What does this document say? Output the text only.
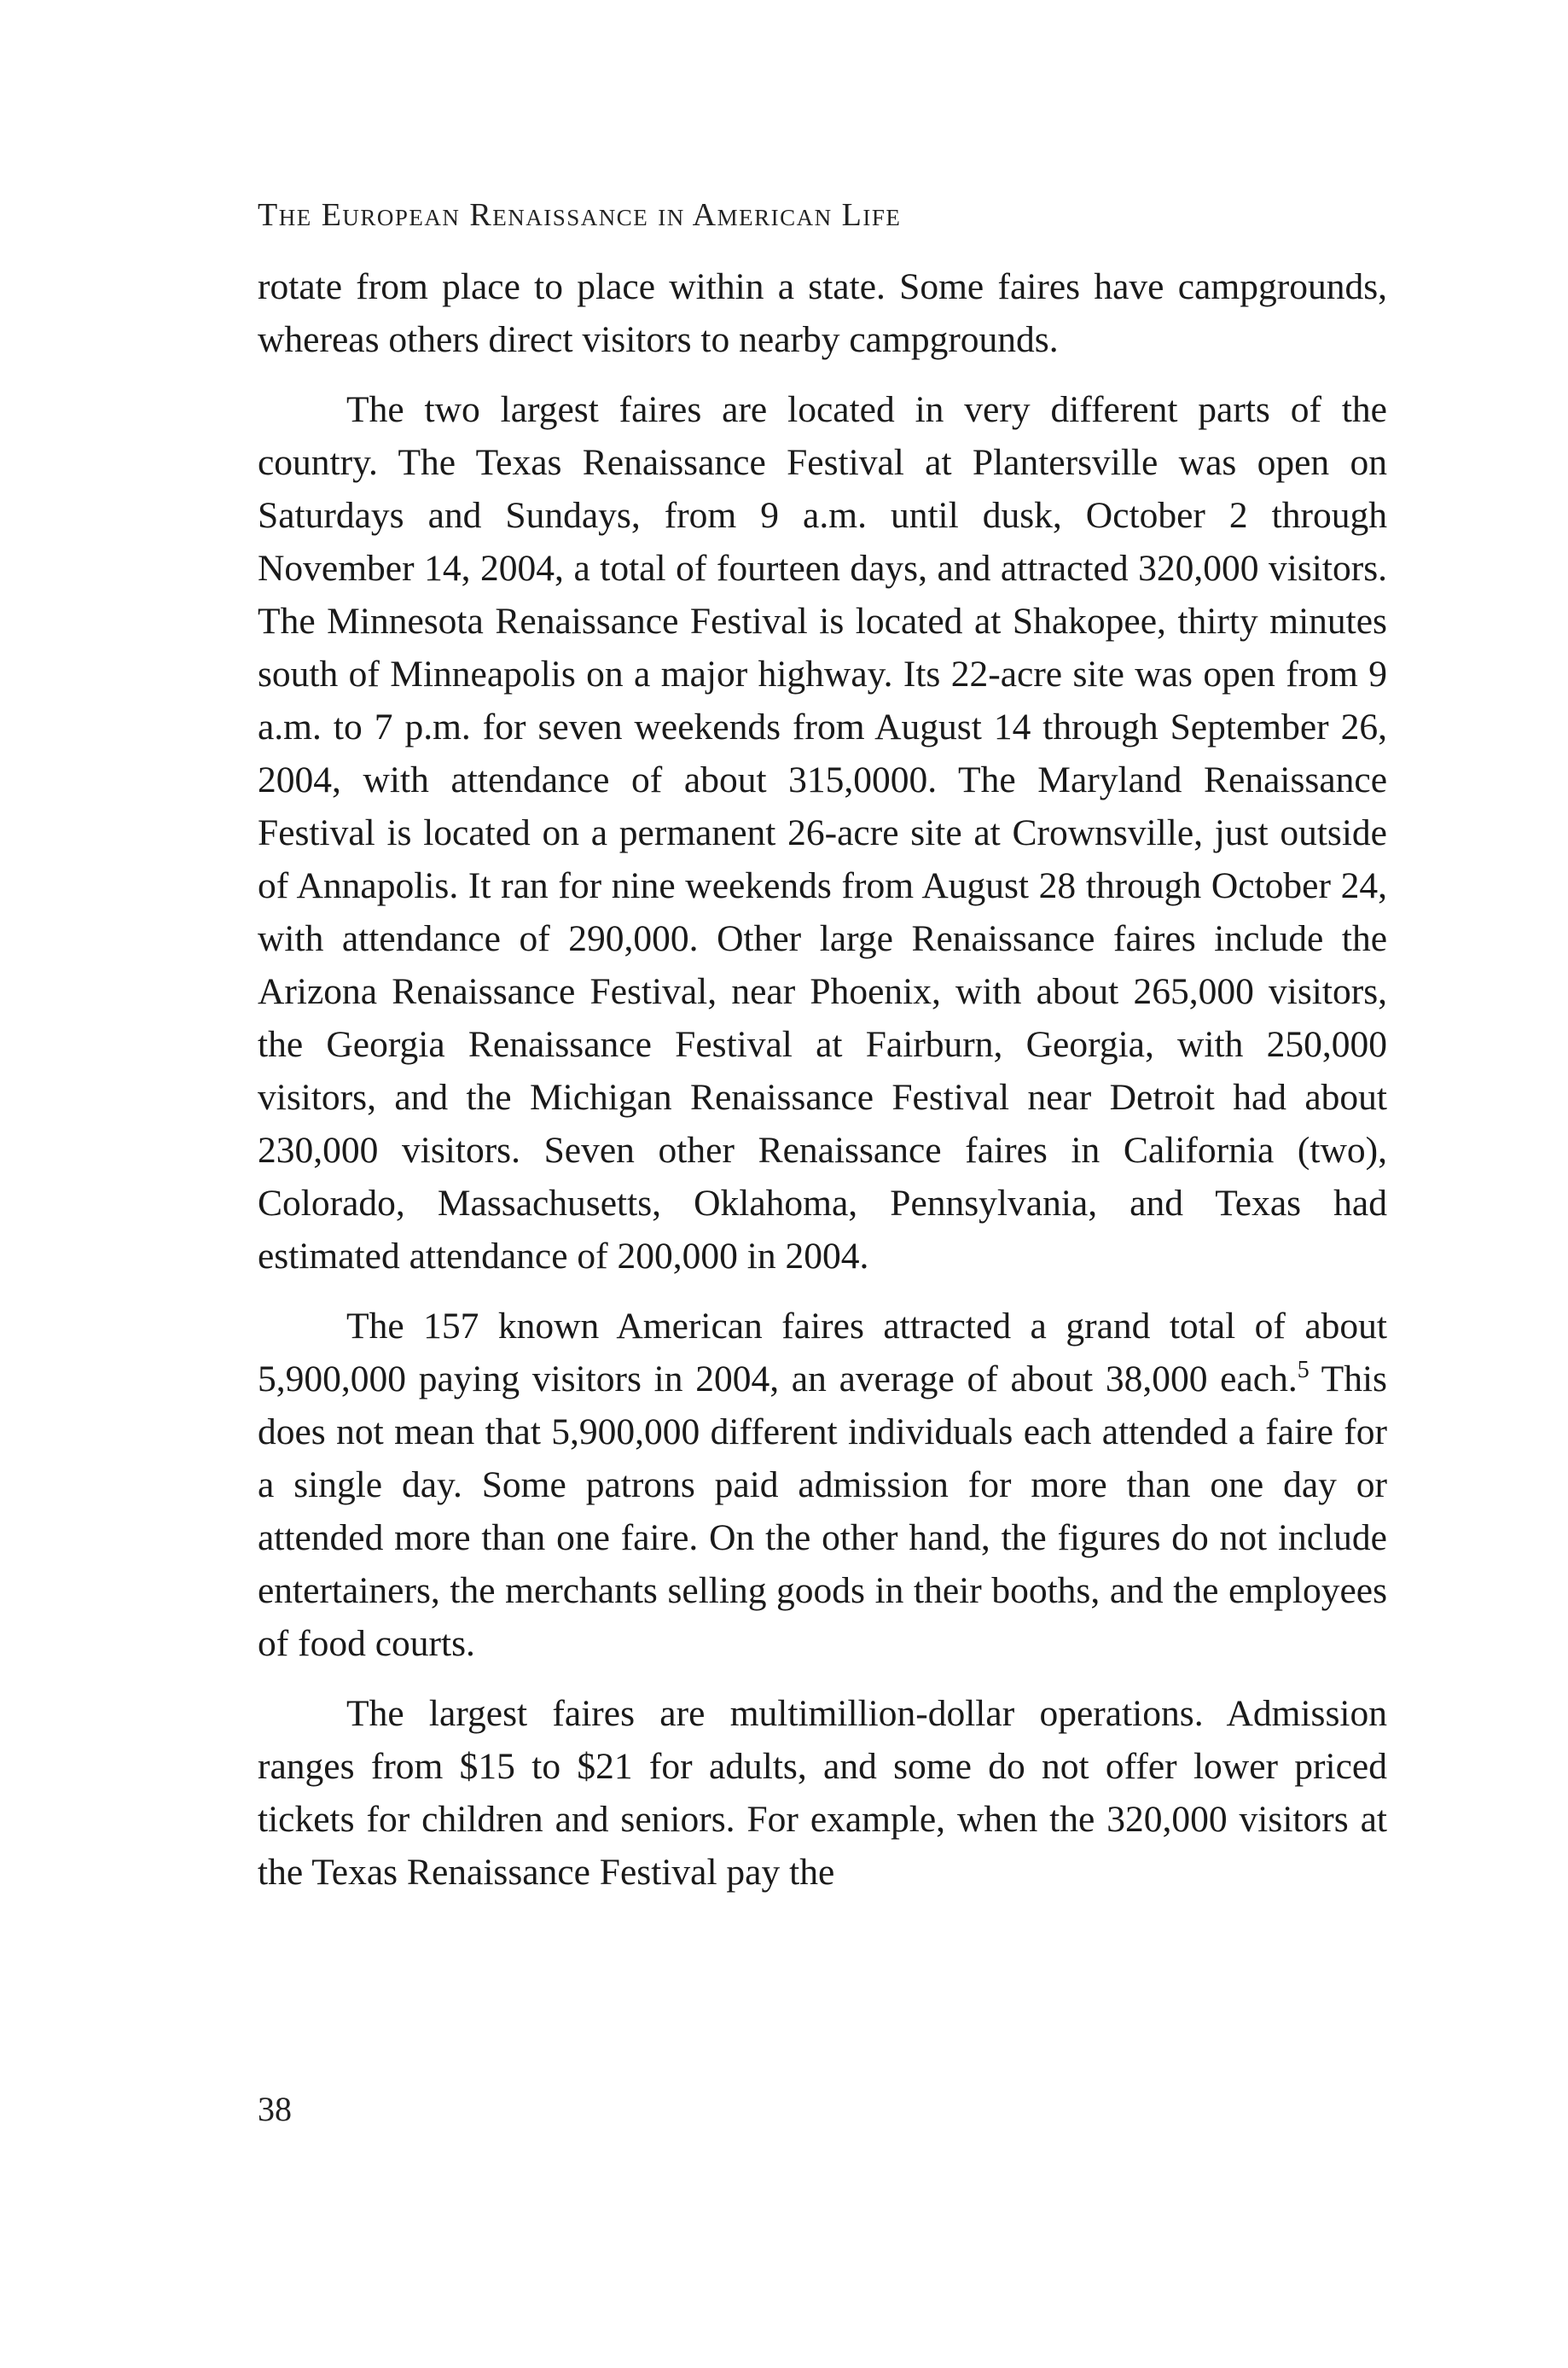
The European Renaissance in American Life

rotate from place to place within a state. Some faires have campgrounds, whereas others direct visitors to nearby campgrounds.

The two largest faires are located in very different parts of the country. The Texas Renaissance Festival at Plantersville was open on Saturdays and Sundays, from 9 a.m. until dusk, October 2 through November 14, 2004, a total of fourteen days, and attracted 320,000 visitors. The Minnesota Renaissance Festival is located at Shakopee, thirty minutes south of Minneapolis on a major highway. Its 22-acre site was open from 9 a.m. to 7 p.m. for seven weekends from August 14 through September 26, 2004, with attendance of about 315,0000. The Maryland Renaissance Festival is located on a permanent 26-acre site at Crownsville, just outside of Annapolis. It ran for nine weekends from August 28 through October 24, with attendance of 290,000. Other large Renaissance faires include the Arizona Renaissance Festival, near Phoenix, with about 265,000 visitors, the Georgia Renaissance Festival at Fairburn, Georgia, with 250,000 visitors, and the Michigan Renaissance Festival near Detroit had about 230,000 visitors. Seven other Renaissance faires in California (two), Colorado, Massachusetts, Oklahoma, Pennsylvania, and Texas had estimated attendance of 200,000 in 2004.

The 157 known American faires attracted a grand total of about 5,900,000 paying visitors in 2004, an average of about 38,000 each.$^5$ This does not mean that 5,900,000 different individuals each attended a faire for a single day. Some patrons paid admission for more than one day or attended more than one faire. On the other hand, the figures do not include entertainers, the merchants selling goods in their booths, and the employees of food courts.

The largest faires are multimillion-dollar operations. Admission ranges from $15 to $21 for adults, and some do not offer lower priced tickets for children and seniors. For example, when the 320,000 visitors at the Texas Renaissance Festival pay the

38
